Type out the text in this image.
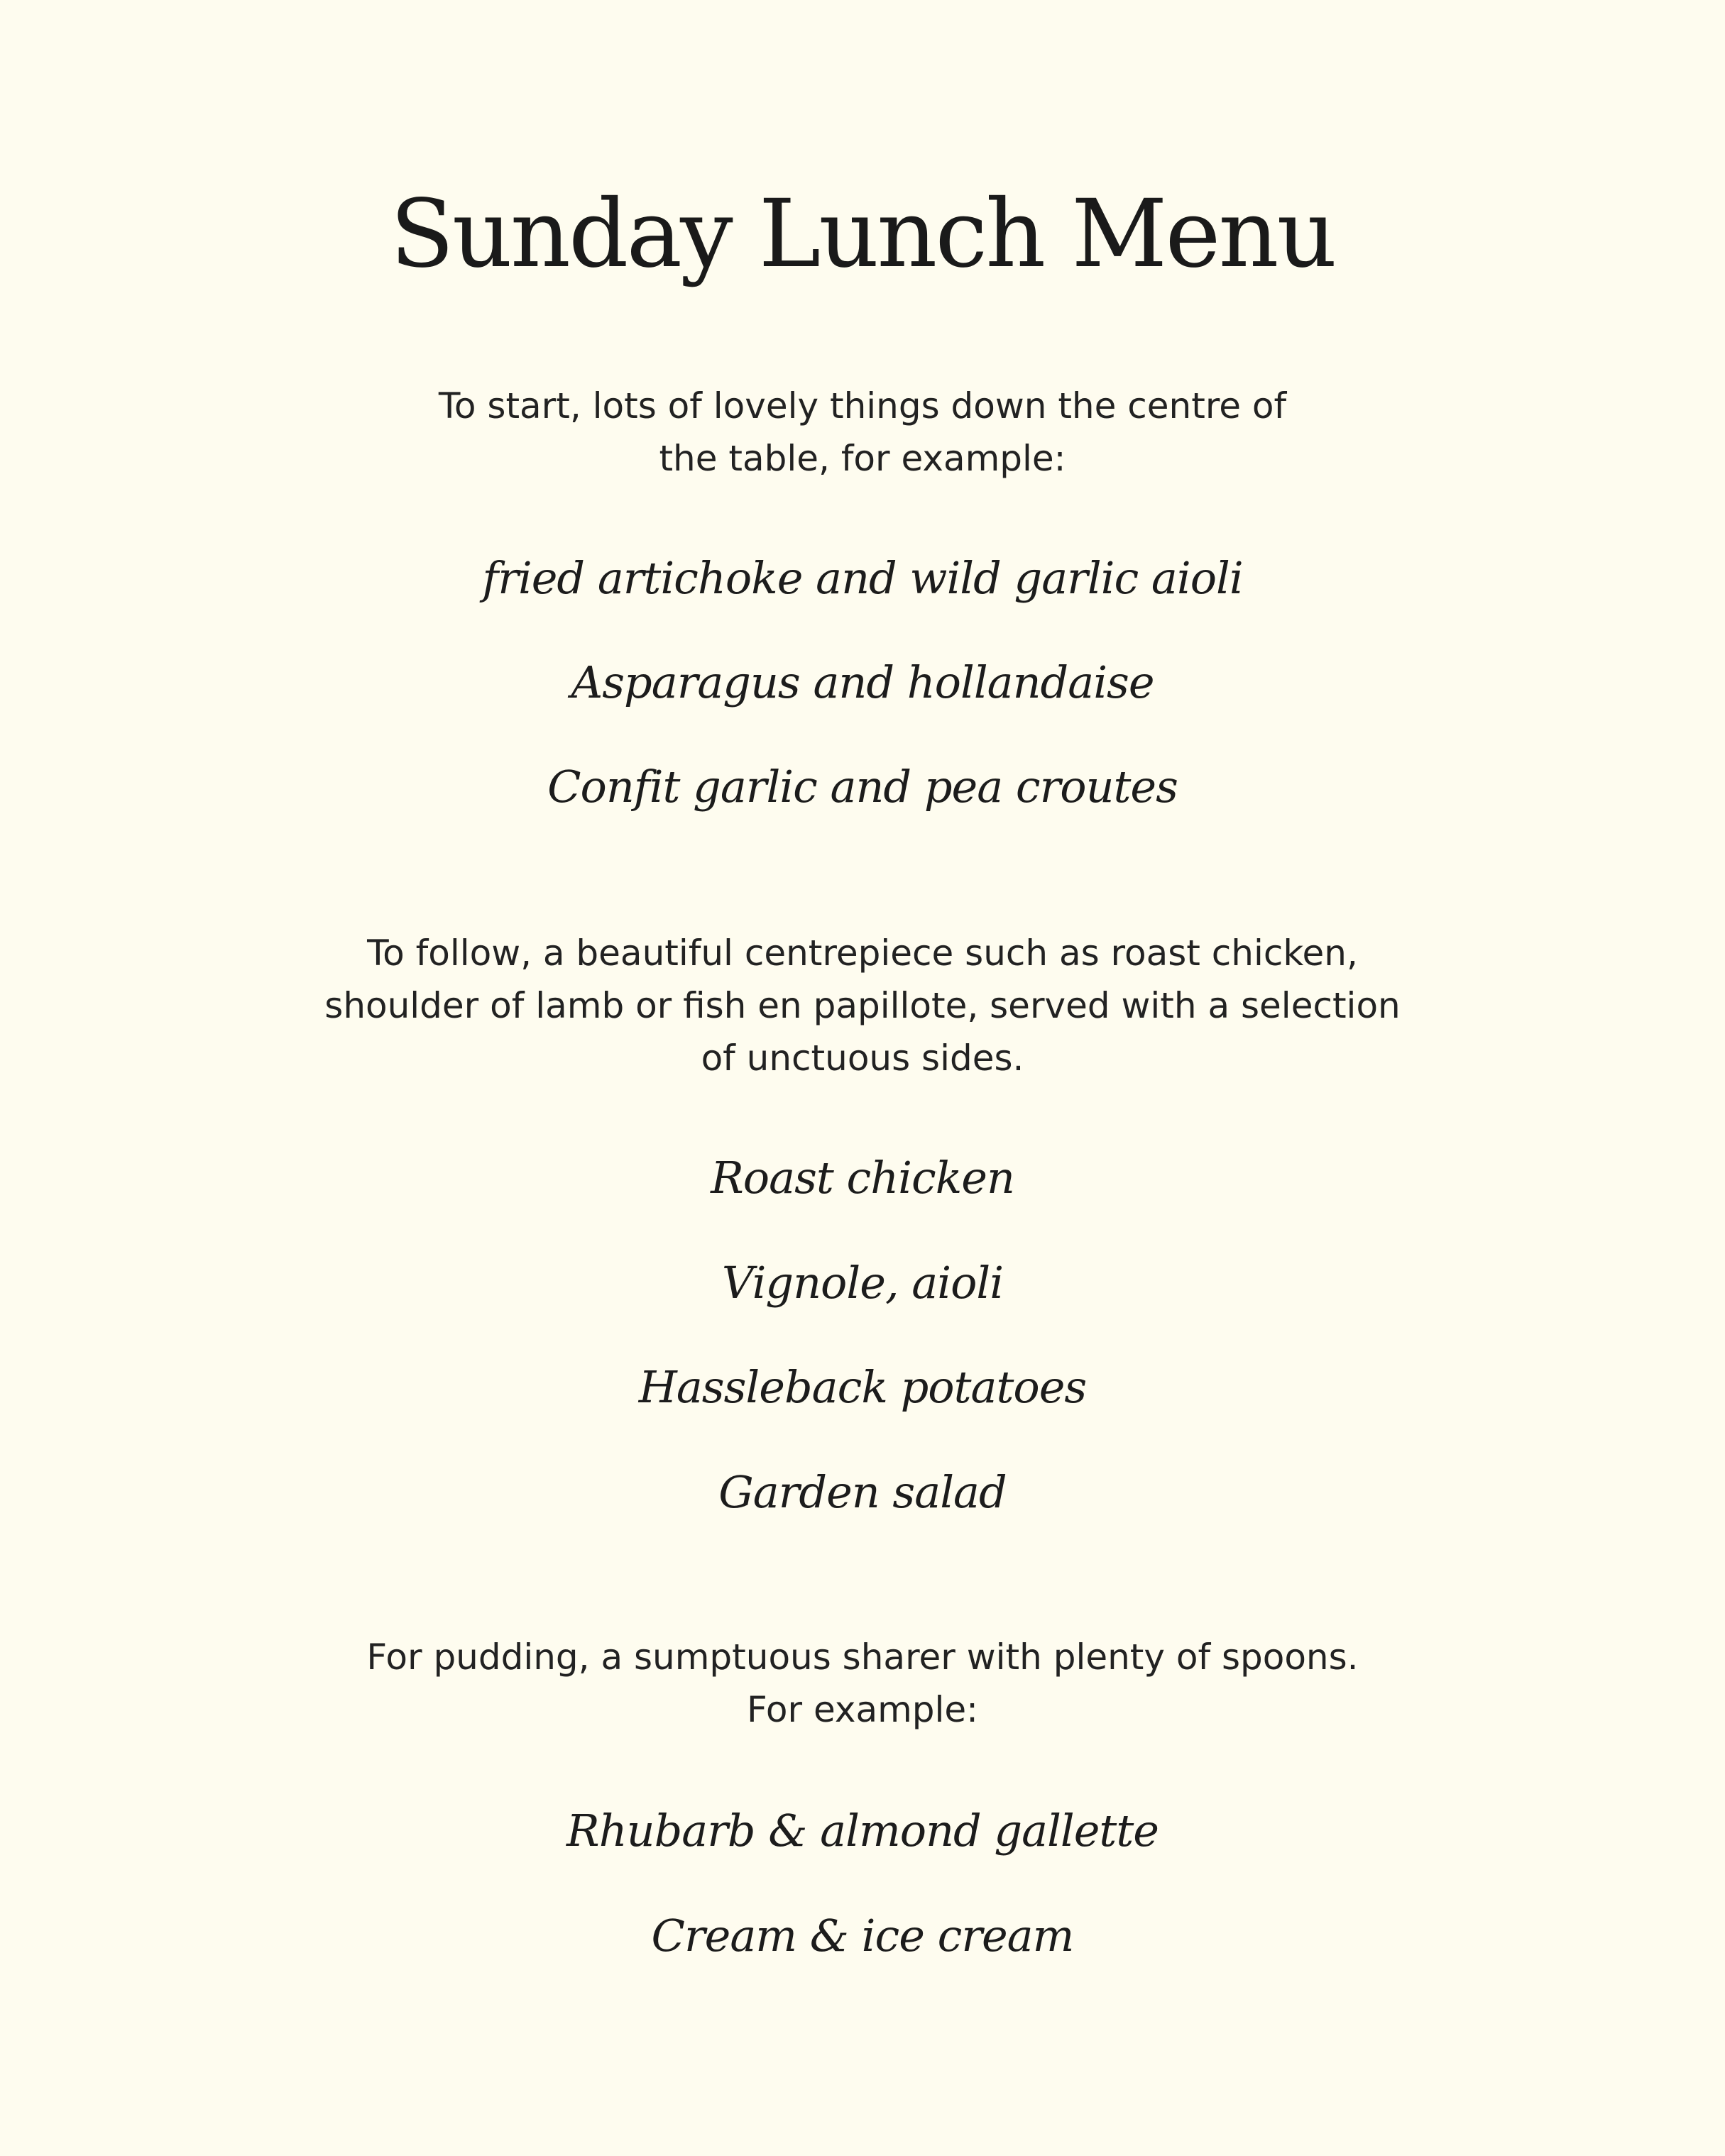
Sunday Lunch Menu

To start, lots of lovely things down the centre of
the table, for example:

fried artichoke and wild garlic aioli

Asparagus and hollandaise

Confit garlic and pea croutes

To follow, a beautiful centrepiece such as roast chicken,
shoulder of lamb or fish en papillote, served with a selection
of unctuous sides.

Roast chicken

Vignole, aioli

Hassleback potatoes

Garden salad

For pudding, a sumptuous sharer with plenty of spoons.
For example:

Rhubarb & almond gallette

Cream & ice cream
